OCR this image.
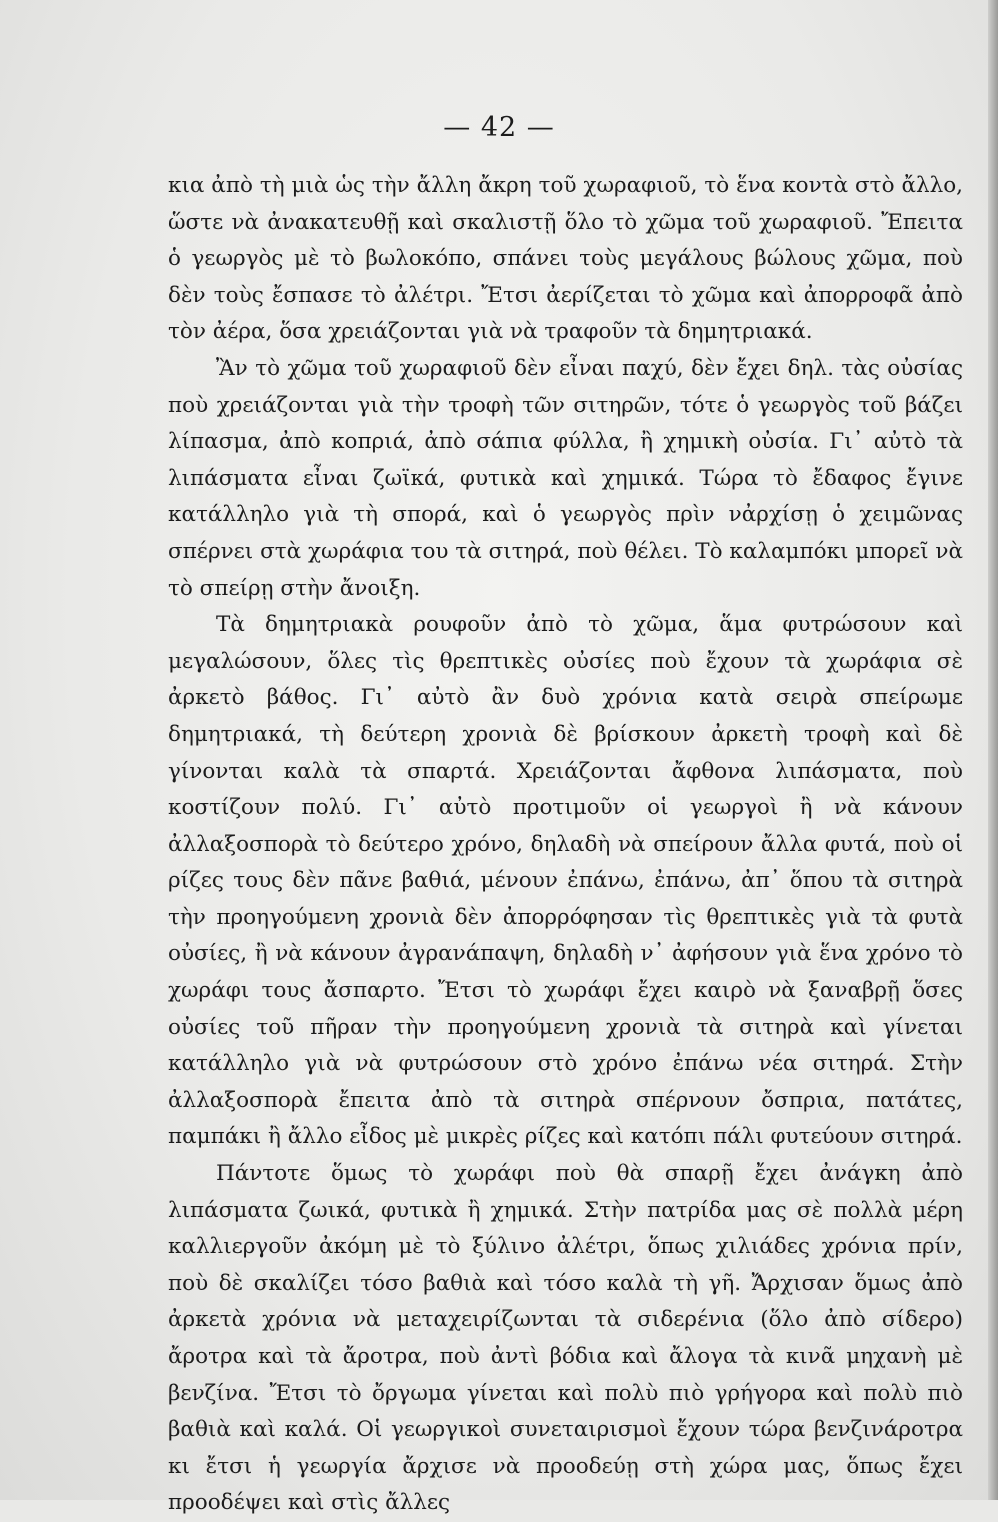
— 42 —

κια ἀπὸ τὴ μιὰ ὡς τὴν ἄλλη ἄκρη τοῦ χωραφιοῦ, τὸ ἕνα κοντὰ στὸ ἄλλο, ὥστε νὰ ἀνακατευθῇ καὶ σκαλιστῇ ὅλο τὸ χῶμα τοῦ χωραφιοῦ. Ἔπειτα ὁ γεωργὸς μὲ τὸ βωλοκόπο, σπάνει τοὺς μεγάλους βώλους χῶμα, ποὺ δὲν τοὺς ἔσπασε τὸ ἀλέτρι. Ἔτσι ἀερίζεται τὸ χῶμα καὶ ἀπορροφᾶ ἀπὸ τὸν ἀέρα, ὅσα χρειάζονται γιὰ νὰ τραφοῦν τὰ δημητριακά.

Ἂν τὸ χῶμα τοῦ χωραφιοῦ δὲν εἶναι παχύ, δὲν ἔχει δηλ. τὰς οὐσίας ποὺ χρειάζονται γιὰ τὴν τροφὴ τῶν σιτηρῶν, τότε ὁ γεωργὸς τοῦ βάζει λίπασμα, ἀπὸ κοπριά, ἀπὸ σάπια φύλλα, ἢ χημικὴ οὐσία. Γι᾽ αὐτὸ τὰ λιπάσματα εἶναι ζωϊκά, φυτικὰ καὶ χημικά. Τώρα τὸ ἔδαφος ἔγινε κατάλληλο γιὰ τὴ σπορά, καὶ ὁ γεωργὸς πρὶν νἀρχίσῃ ὁ χειμῶνας σπέρνει στὰ χωράφια του τὰ σιτηρά, ποὺ θέλει. Τὸ καλαμπόκι μπορεῖ νὰ τὸ σπείρῃ στὴν ἄνοιξη.

Τὰ δημητριακὰ ρουφοῦν ἀπὸ τὸ χῶμα, ἅμα φυτρώσουν καὶ μεγαλώσουν, ὅλες τὶς θρεπτικὲς οὐσίες ποὺ ἔχουν τὰ χωράφια σὲ ἀρκετὸ βάθος. Γι᾽ αὐτὸ ἂν δυὸ χρόνια κατὰ σειρὰ σπείρωμε δημητριακά, τὴ δεύτερη χρονιὰ δὲ βρίσκουν ἀρκετὴ τροφὴ καὶ δὲ γίνονται καλὰ τὰ σπαρτά. Χρειάζονται ἄφθονα λιπάσματα, ποὺ κοστίζουν πολύ. Γι᾽ αὐτὸ προτιμοῦν οἱ γεωργοὶ ἢ νὰ κάνουν ἀλλαξοσπορὰ τὸ δεύτερο χρόνο, δηλαδὴ νὰ σπείρουν ἄλλα φυτά, ποὺ οἱ ρίζες τους δὲν πᾶνε βαθιά, μένουν ἐπάνω, ἐπάνω, ἀπ᾽ ὅπου τὰ σιτηρὰ τὴν προηγούμενη χρονιὰ δὲν ἀπορρόφησαν τὶς θρεπτικὲς γιὰ τὰ φυτὰ οὐσίες, ἢ νὰ κάνουν ἀγρανάπαψη, δηλαδὴ ν᾽ ἀφήσουν γιὰ ἕνα χρόνο τὸ χωράφι τους ἄσπαρτο. Ἔτσι τὸ χωράφι ἔχει καιρὸ νὰ ξαναβρῇ ὅσες οὐσίες τοῦ πῆραν τὴν προηγούμενη χρονιὰ τὰ σιτηρὰ καὶ γίνεται κατάλληλο γιὰ νὰ φυτρώσουν στὸ χρόνο ἐπάνω νέα σιτηρά. Στὴν ἀλλαξοσπορὰ ἔπειτα ἀπὸ τὰ σιτηρὰ σπέρνουν ὄσπρια, πατάτες, παμπάκι ἢ ἄλλο εἶδος μὲ μικρὲς ρίζες καὶ κατόπι πάλι φυτεύουν σιτηρά.

Πάντοτε ὅμως τὸ χωράφι ποὺ θὰ σπαρῇ ἔχει ἀνάγκη ἀπὸ λιπάσματα ζωικά, φυτικὰ ἢ χημικά. Στὴν πατρίδα μας σὲ πολλὰ μέρη καλλιεργοῦν ἀκόμη μὲ τὸ ξύλινο ἀλέτρι, ὅπως χιλιάδες χρόνια πρίν, ποὺ δὲ σκαλίζει τόσο βαθιὰ καὶ τόσο καλὰ τὴ γῆ. Ἄρχισαν ὅμως ἀπὸ ἀρκετὰ χρόνια νὰ μεταχειρίζωνται τὰ σιδερένια (ὅλο ἀπὸ σίδερο) ἄροτρα καὶ τὰ ἄροτρα, ποὺ ἀντὶ βόδια καὶ ἄλογα τὰ κινᾶ μηχανὴ μὲ βενζίνα. Ἔτσι τὸ ὄργωμα γίνεται καὶ πολὺ πιὸ γρήγορα καὶ πολὺ πιὸ βαθιὰ καὶ καλά. Οἱ γεωργικοὶ συνεταιρισμοὶ ἔχουν τώρα βενζινάροτρα κι ἔτσι ἡ γεωργία ἄρχισε νὰ προοδεύῃ στὴ χώρα μας, ὅπως ἔχει προοδέψει καὶ στὶς ἄλλες
